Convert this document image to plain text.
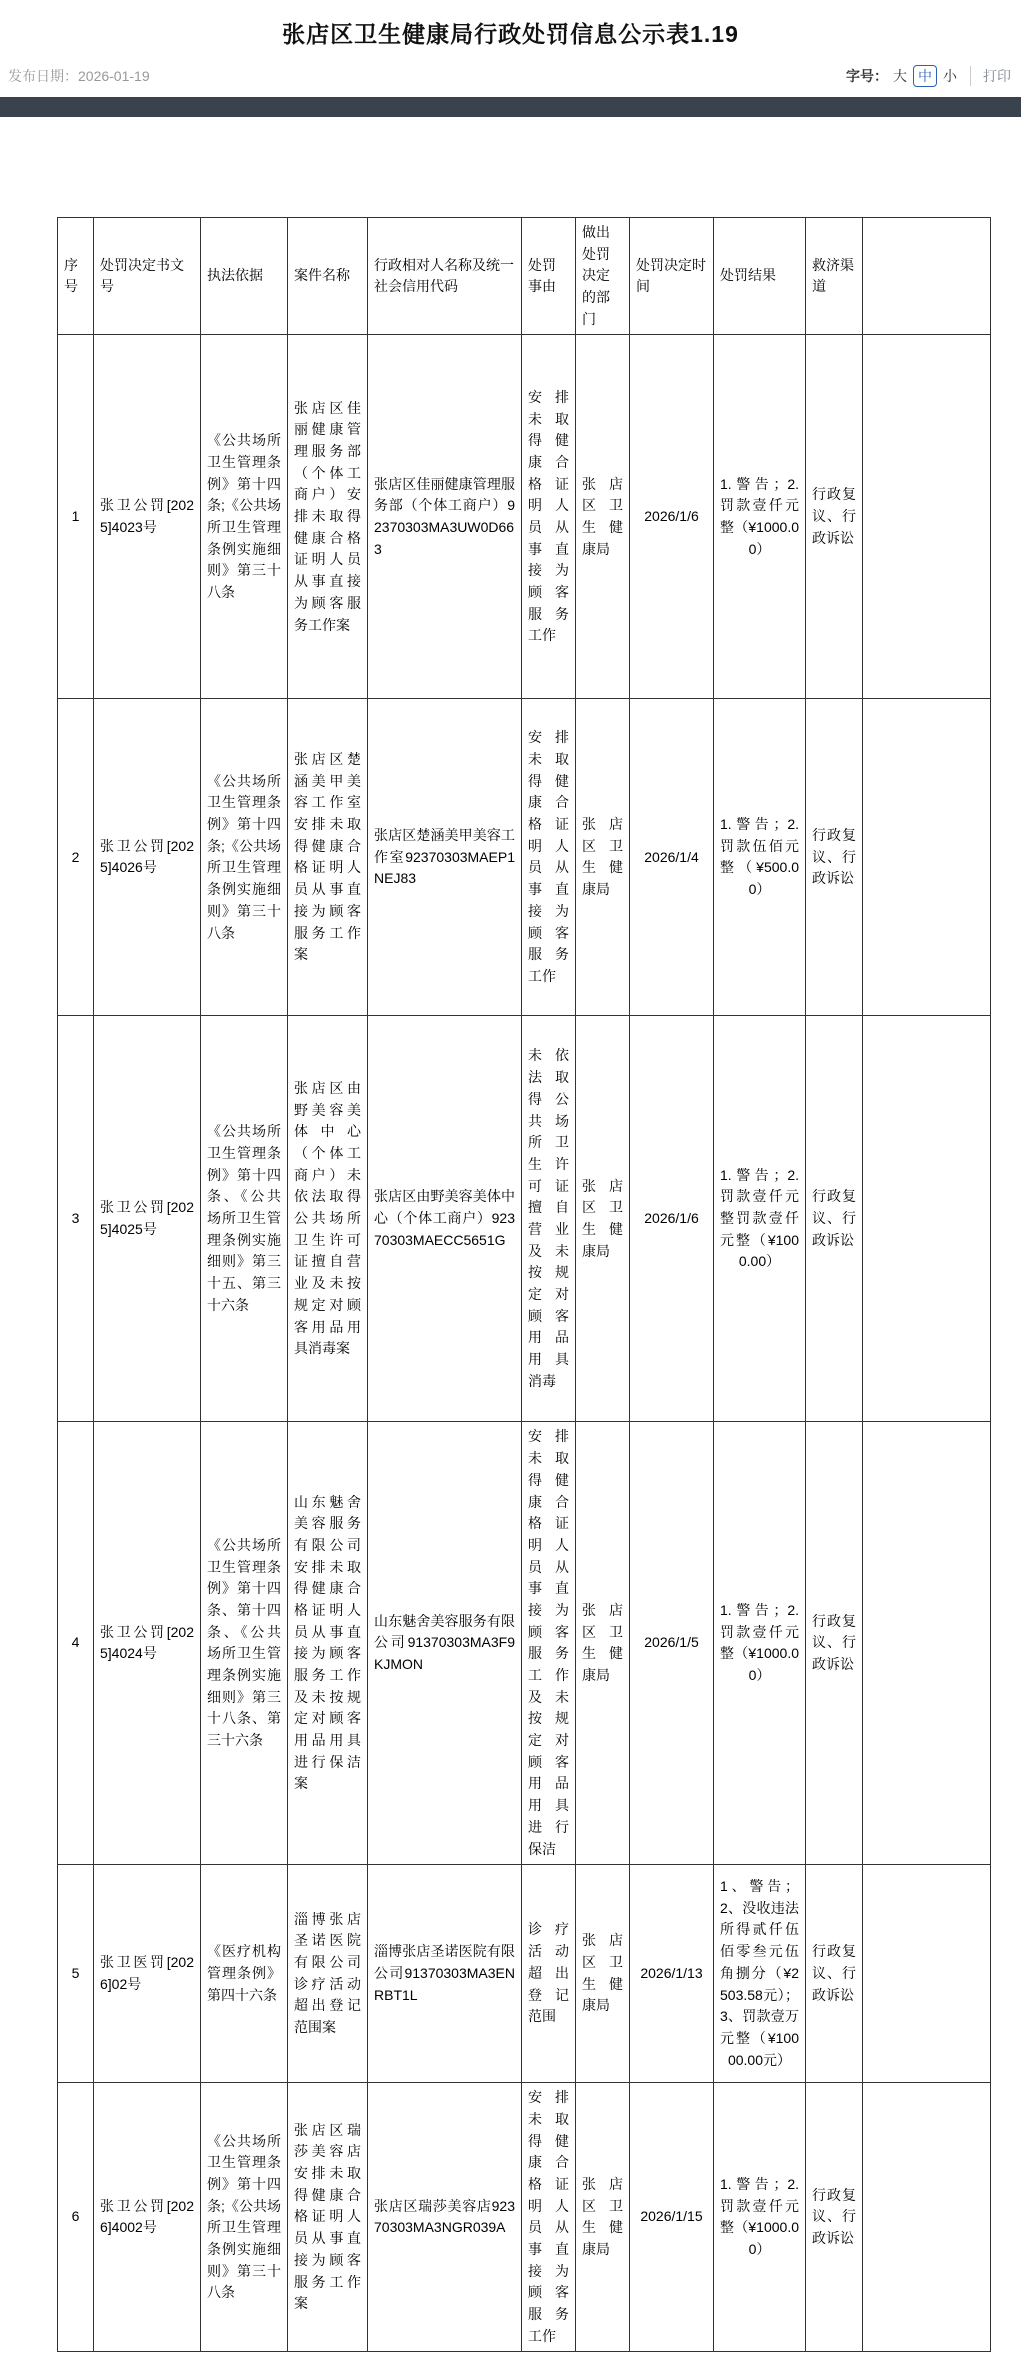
张店区卫生健康局行政处罚信息公示表1.19
发布日期：2026-01-19	字号： 大 中 小	打印
序号	处罚决定书文号	执法依据	案件名称	行政相对人名称及统一社会信用代码	处罚事由	做出处罚决定的部门	处罚决定时间	处罚结果	救济渠道	
1	张卫公罚[2025]4023号	《公共场所卫生管理条例》第十四条;《公共场所卫生管理条例实施细则》第三十八条	张店区佳丽健康管理服务部（个体工商户）安排未取得健康合格证明人员从事直接为顾客服务工作案	张店区佳丽健康管理服务部（个体工商户）92370303MA3UW0D663	安排未取得健康合格证明人员从事直接为顾客服务工作	张店区卫生健康局	2026/1/6	1.警告；2.罚款壹仟元整（¥1000.00）	行政复议、行政诉讼	
2	张卫公罚[2025]4026号	《公共场所卫生管理条例》第十四条;《公共场所卫生管理条例实施细则》第三十八条	张店区楚涵美甲美容工作室安排未取得健康合格证明人员从事直接为顾客服务工作案	张店区楚涵美甲美容工作室92370303MAEP1NEJ83	安排未取得健康合格证明人员从事直接为顾客服务工作	张店区卫生健康局	2026/1/4	1.警告；2.罚款伍佰元整（¥500.00）	行政复议、行政诉讼	
3	张卫公罚[2025]4025号	《公共场所卫生管理条例》第十四条、《公共场所卫生管理条例实施细则》第三十五、第三十六条	张店区由野美容美体中心（个体工商户）未依法取得公共场所卫生许可证擅自营业及未按规定对顾客用品用具消毒案	张店区由野美容美体中心（个体工商户）92370303MAECC5651G	未依法取得公共场所卫生许可证擅自营业及未按规定对顾客用品用具消毒	张店区卫生健康局	2026/1/6	1.警告；2.罚款壹仟元整罚款壹仟元整（¥1000.00）	行政复议、行政诉讼	
4	张卫公罚[2025]4024号	《公共场所卫生管理条例》第十四条、第十四条、《公共场所卫生管理条例实施细则》第三十八条、第三十六条	山东魅舍美容服务有限公司安排未取得健康合格证明人员从事直接为顾客服务工作及未按规定对顾客用品用具进行保洁案	山东魅舍美容服务有限公司91370303MA3F9KJMON	安排未取得健康合格证明人员从事直接为顾客服务工作及未按规定对顾客用品用具进行保洁	张店区卫生健康局	2026/1/5	1.警告；2.罚款壹仟元整（¥1000.00）	行政复议、行政诉讼	
5	张卫医罚[2026]02号	《医疗机构管理条例》第四十六条	淄博张店圣诺医院有限公司诊疗活动超出登记范围案	淄博张店圣诺医院有限公司91370303MA3ENRBT1L	诊疗活动超出登记范围	张店区卫生健康局	2026/1/13	1、警告；2、没收违法所得贰仟伍佰零叁元伍角捌分（¥2503.58元）；3、罚款壹万元整（¥10000.00元）	行政复议、行政诉讼	
6	张卫公罚[2026]4002号	《公共场所卫生管理条例》第十四条;《公共场所卫生管理条例实施细则》第三十八条	张店区瑞莎美容店安排未取得健康合格证明人员从事直接为顾客服务工作案	张店区瑞莎美容店92370303MA3NGR039A	安排未取得健康合格证明人员从事直接为顾客服务工作	张店区卫生健康局	2026/1/15	1.警告；2.罚款壹仟元整（¥1000.00）	行政复议、行政诉讼	
